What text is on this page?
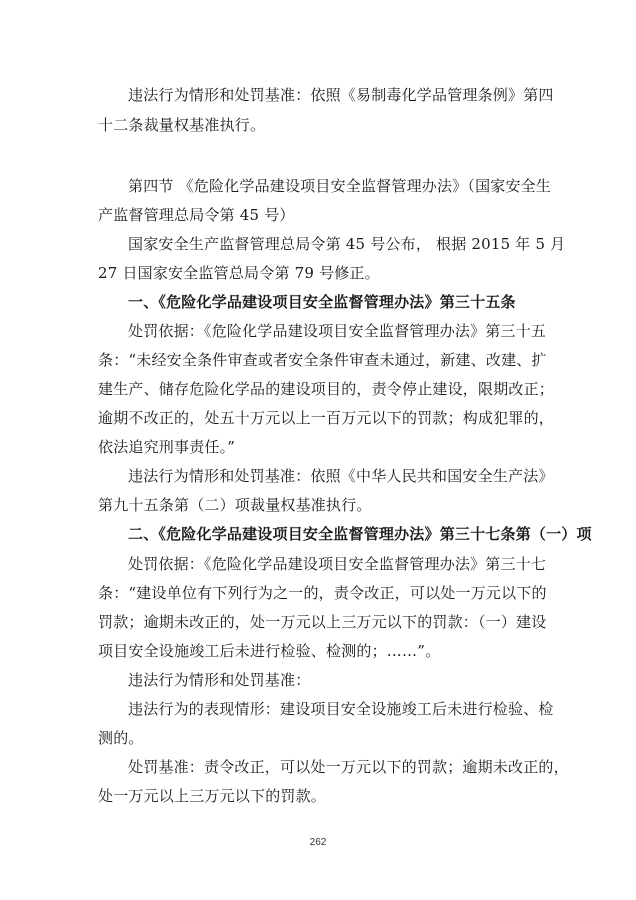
违法行为情形和处罚基准：依照《易制毒化学品管理条例》第四

十二条裁量权基准执行。

第四节 《危险化学品建设项目安全监督管理办法》（国家安全生

产监督管理总局令第 45 号）

国家安全生产监督管理总局令第 45 号公布， 根据 2015 年 5 月

27 日国家安全监管总局令第 79 号修正。

一、《危险化学品建设项目安全监督管理办法》第三十五条

处罚依据：《危险化学品建设项目安全监督管理办法》第三十五

条：“未经安全条件审查或者安全条件审查未通过，新建、改建、扩

建生产、储存危险化学品的建设项目的，责令停止建设，限期改正；

逾期不改正的，处五十万元以上一百万元以下的罚款；构成犯罪的，

依法追究刑事责任。”

违法行为情形和处罚基准：依照《中华人民共和国安全生产法》

第九十五条第（二）项裁量权基准执行。

二、《危险化学品建设项目安全监督管理办法》第三十七条第（一）项

处罚依据：《危险化学品建设项目安全监督管理办法》第三十七

条：“建设单位有下列行为之一的，责令改正，可以处一万元以下的

罚款；逾期未改正的，处一万元以上三万元以下的罚款：（一）建设

项目安全设施竣工后未进行检验、检测的；……”。

违法行为情形和处罚基准：

违法行为的表现情形：建设项目安全设施竣工后未进行检验、检

测的。

处罚基准：责令改正，可以处一万元以下的罚款；逾期未改正的，

处一万元以上三万元以下的罚款。

262
